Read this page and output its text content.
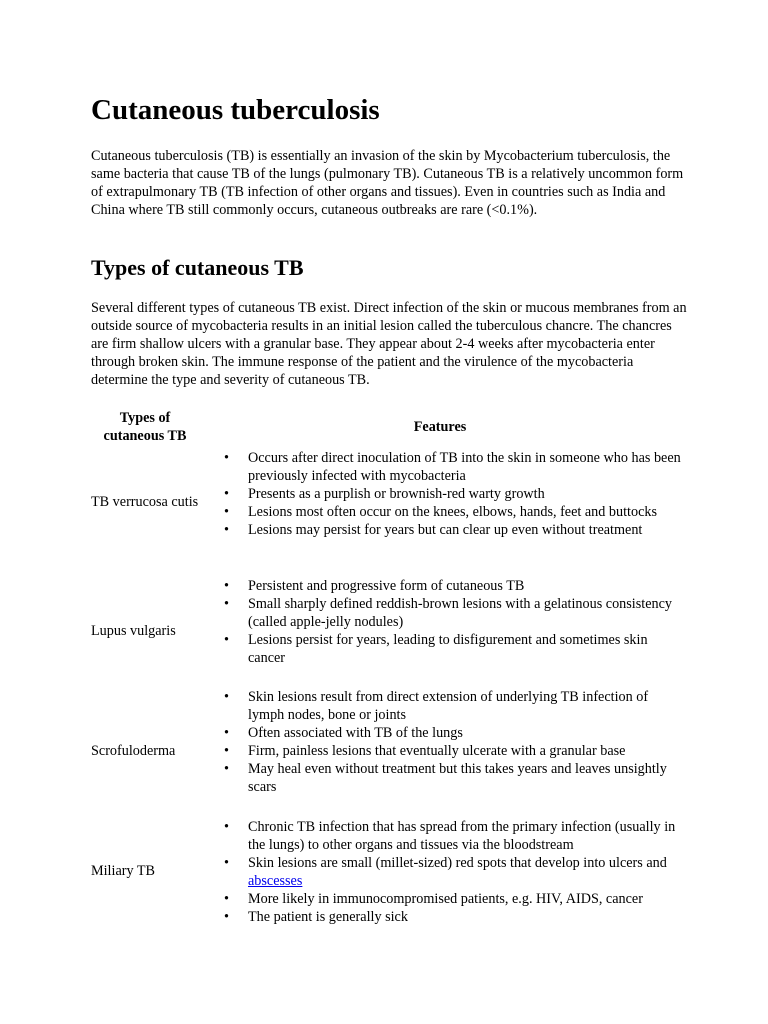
Cutaneous tuberculosis

Cutaneous tuberculosis (TB) is essentially an invasion of the skin by Mycobacterium tuberculosis, the same bacteria that cause TB of the lungs (pulmonary TB). Cutaneous TB is a relatively uncommon form of extrapulmonary TB (TB infection of other organs and tissues). Even in countries such as India and China where TB still commonly occurs, cutaneous outbreaks are rare (<0.1%).

Types of cutaneous TB

Several different types of cutaneous TB exist. Direct infection of the skin or mucous membranes from an outside source of mycobacteria results in an initial lesion called the tuberculous chancre. The chancres are firm shallow ulcers with a granular base. They appear about 2-4 weeks after mycobacteria enter through broken skin. The immune response of the patient and the virulence of the mycobacteria determine the type and severity of cutaneous TB.

Types of cutaneous TB
Features
TB verrucosa cutis
• Occurs after direct inoculation of TB into the skin in someone who has been previously infected with mycobacteria
• Presents as a purplish or brownish-red warty growth
• Lesions most often occur on the knees, elbows, hands, feet and buttocks
• Lesions may persist for years but can clear up even without treatment
Lupus vulgaris
• Persistent and progressive form of cutaneous TB
• Small sharply defined reddish-brown lesions with a gelatinous consistency (called apple-jelly nodules)
• Lesions persist for years, leading to disfigurement and sometimes skin cancer
Scrofuloderma
• Skin lesions result from direct extension of underlying TB infection of lymph nodes, bone or joints
• Often associated with TB of the lungs
• Firm, painless lesions that eventually ulcerate with a granular base
• May heal even without treatment but this takes years and leaves unsightly scars
Miliary TB
• Chronic TB infection that has spread from the primary infection (usually in the lungs) to other organs and tissues via the bloodstream
• Skin lesions are small (millet-sized) red spots that develop into ulcers and abscesses
• More likely in immunocompromised patients, e.g. HIV, AIDS, cancer
• The patient is generally sick
